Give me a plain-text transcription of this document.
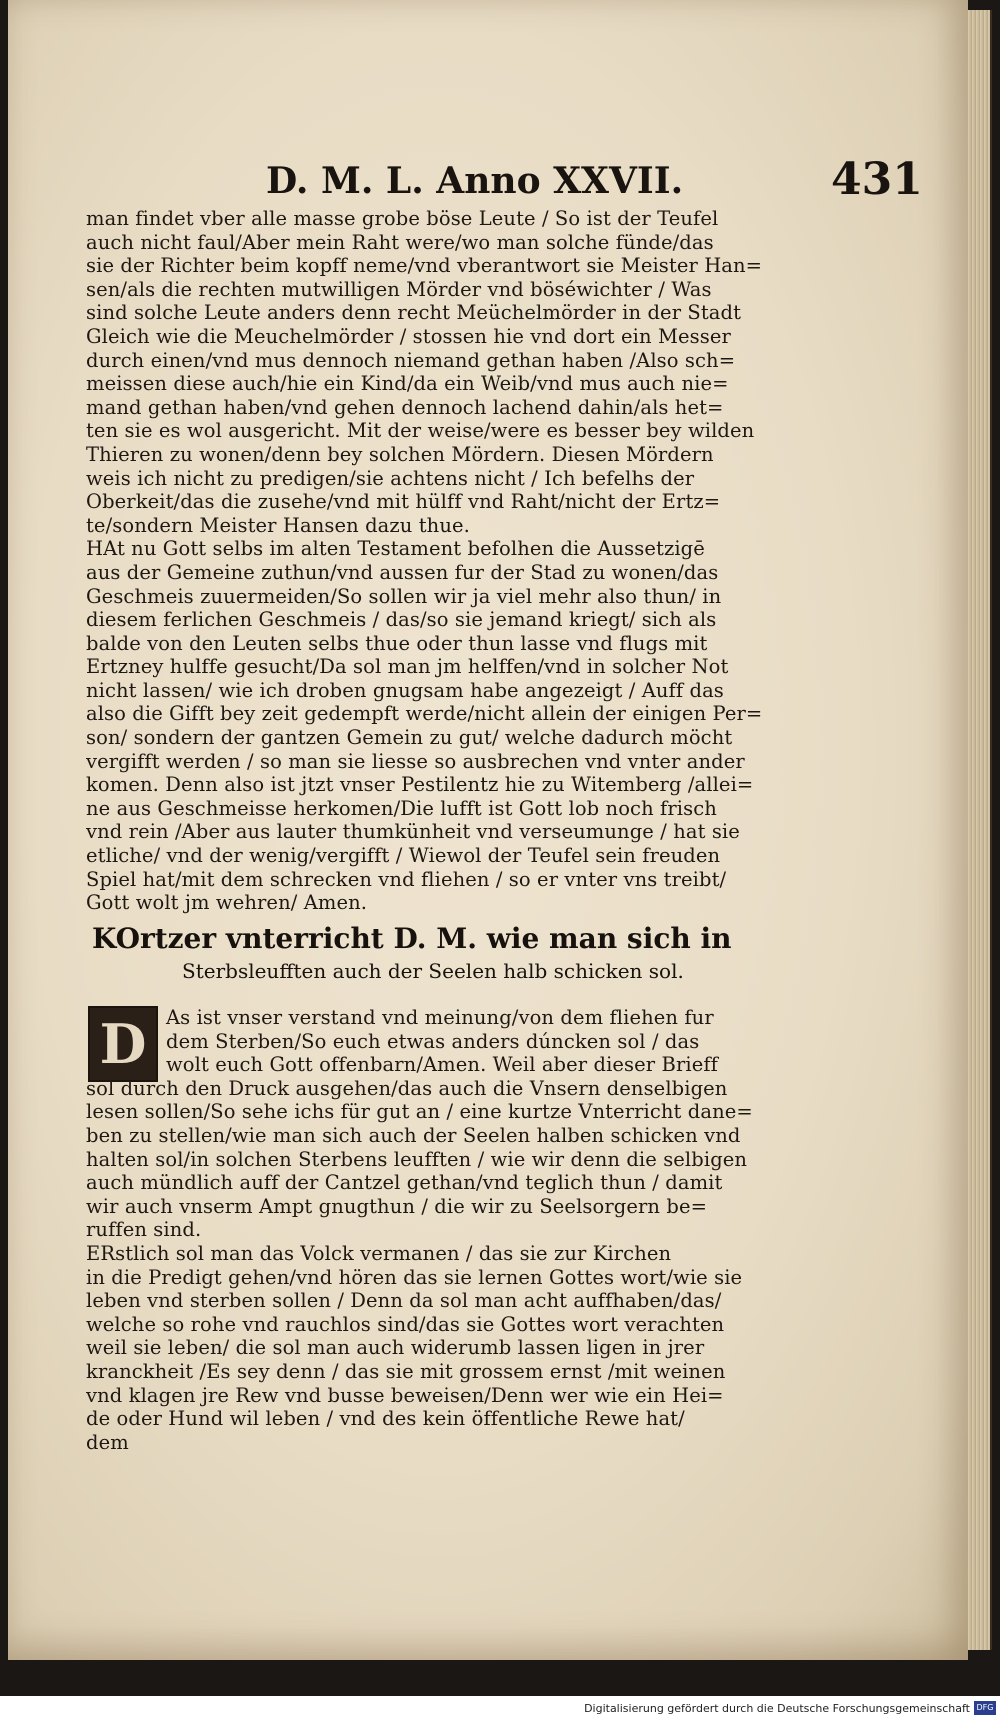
D. M. L. Anno XXVII.	431
man findet vber alle masse grobe böse Leute / So ist der Teufel
auch nicht faul/Aber mein Raht were/wo man solche fünde/das
sie der Richter beim kopff neme/vnd vberantwort sie Meister Han=
sen/als die rechten mutwilligen Mörder vnd böséwichter / Was
sind solche Leute anders denn recht Meüchelmörder in der Stadt
Gleich wie die Meuchelmörder / stossen hie vnd dort ein Messer
durch einen/vnd mus dennoch niemand gethan haben /Also sch=
meissen diese auch/hie ein Kind/da ein Weib/vnd mus auch nie=
mand gethan haben/vnd gehen dennoch lachend dahin/als het=
ten sie es wol ausgericht. Mit der weise/were es besser bey wilden
Thieren zu wonen/denn bey solchen Mördern. Diesen Mördern
weis ich nicht zu predigen/sie achtens nicht / Ich befelhs der
Oberkeit/das die zusehe/vnd mit hülff vnd Raht/nicht der Ertz=
te/sondern Meister Hansen dazu thue.
HAt nu Gott selbs im alten Testament befolhen die Aussetzigē
aus der Gemeine zuthun/vnd aussen fur der Stad zu wonen/das
Geschmeis zuuermeiden/So sollen wir ja viel mehr also thun/ in
diesem ferlichen Geschmeis / das/so sie jemand kriegt/ sich als
balde von den Leuten selbs thue oder thun lasse vnd flugs mit
Ertzney hulffe gesucht/Da sol man jm helffen/vnd in solcher Not
nicht lassen/ wie ich droben gnugsam habe angezeigt / Auff das
also die Gifft bey zeit gedempft werde/nicht allein der einigen Per=
son/ sondern der gantzen Gemein zu gut/ welche dadurch möcht
vergifft werden / so man sie liesse so ausbrechen vnd vnter ander
komen. Denn also ist jtzt vnser Pestilentz hie zu Witemberg /allei=
ne aus Geschmeisse herkomen/Die lufft ist Gott lob noch frisch
vnd rein /Aber aus lauter thumkünheit vnd verseumunge / hat sie
etliche/ vnd der wenig/vergifft / Wiewol der Teufel sein freuden
Spiel hat/mit dem schrecken vnd fliehen / so er vnter vns treibt/
Gott wolt jm wehren/ Amen.
KOrtzer vnterricht D. M. wie man sich in
Sterbsleufften auch der Seelen halb schicken sol.
D	As ist vnser verstand vnd meinung/von dem fliehen fur
dem Sterben/So euch etwas anders dúncken sol / das
wolt euch Gott offenbarn/Amen. Weil aber dieser Brieff
sol durch den Druck ausgehen/das auch die Vnsern denselbigen
lesen sollen/So sehe ichs für gut an / eine kurtze Vnterricht dane=
ben zu stellen/wie man sich auch der Seelen halben schicken vnd
halten sol/in solchen Sterbens leufften / wie wir denn die selbigen
auch mündlich auff der Cantzel gethan/vnd teglich thun / damit
wir auch vnserm Ampt gnugthun / die wir zu Seelsorgern be=
ruffen sind.
ERstlich sol man das Volck vermanen / das sie zur Kirchen
in die Predigt gehen/vnd hören das sie lernen Gottes wort/wie sie
leben vnd sterben sollen / Denn da sol man acht auffhaben/das/
welche so rohe vnd rauchlos sind/das sie Gottes wort verachten
weil sie leben/ die sol man auch widerumb lassen ligen in jrer
kranckheit /Es sey denn / das sie mit grossem ernst /mit weinen
vnd klagen jre Rew vnd busse beweisen/Denn wer wie ein Hei=
de oder Hund wil leben / vnd des kein öffentliche Rewe hat/
dem
Digitalisierung gefördert durch die Deutsche Forschungsgemeinschaft DFG
